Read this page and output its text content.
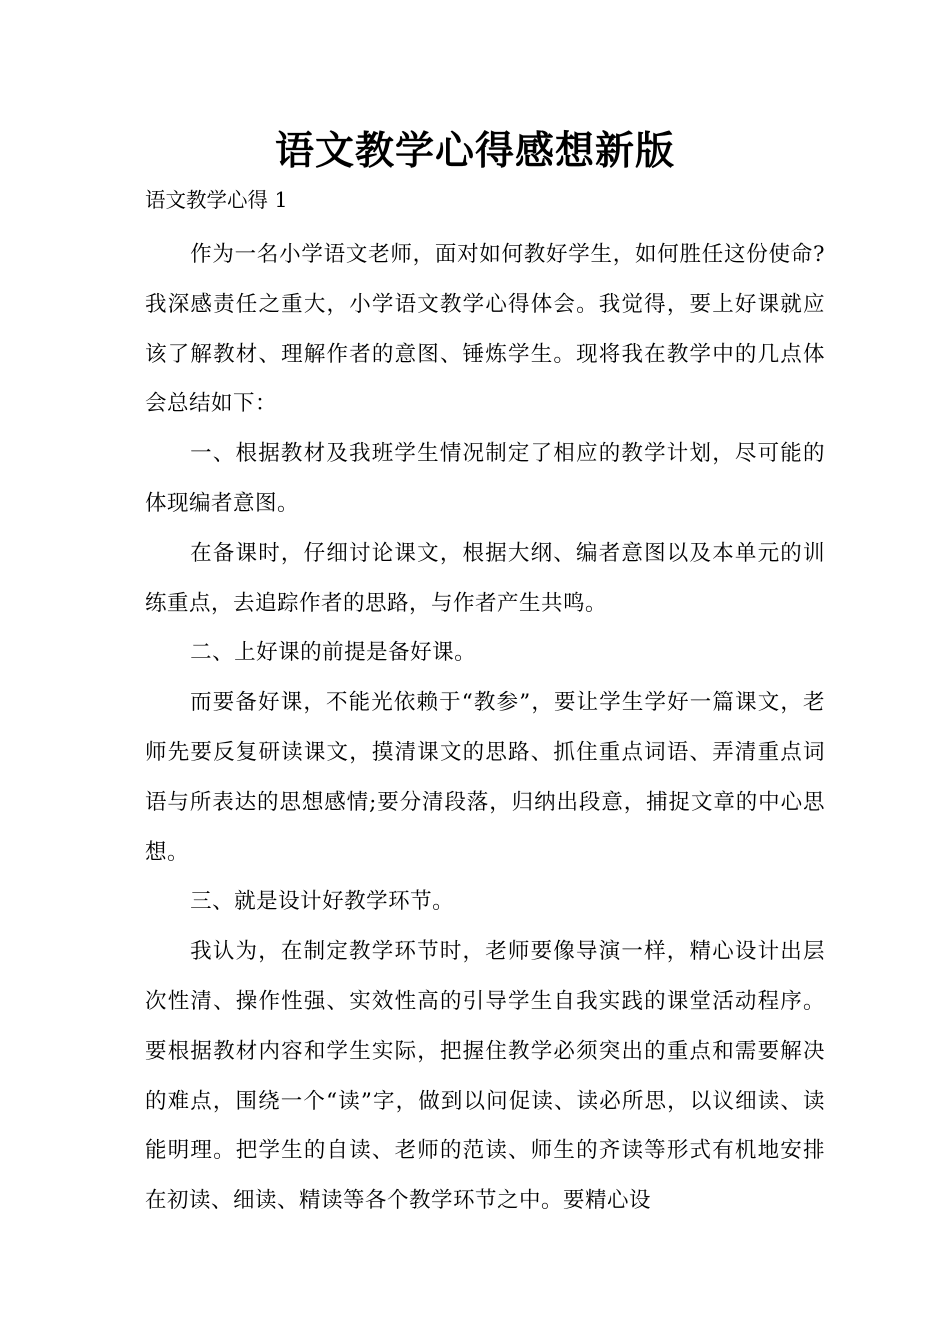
语文教学心得感想新版
语文教学心得 1

作为一名小学语文老师，面对如何教好学生，如何胜任这份使命?我深感责任之重大，小学语文教学心得体会。我觉得，要上好课就应该了解教材、理解作者的意图、锤炼学生。现将我在教学中的几点体会总结如下：

一、根据教材及我班学生情况制定了相应的教学计划，尽可能的体现编者意图。

在备课时，仔细讨论课文，根据大纲、编者意图以及本单元的训练重点，去追踪作者的思路，与作者产生共鸣。

二、上好课的前提是备好课。

而要备好课，不能光依赖于“教参”，要让学生学好一篇课文，老师先要反复研读课文，摸清课文的思路、抓住重点词语、弄清重点词语与所表达的思想感情;要分清段落，归纳出段意，捕捉文章的中心思想。

三、就是设计好教学环节。

我认为，在制定教学环节时，老师要像导演一样，精心设计出层次性清、操作性强、实效性高的引导学生自我实践的课堂活动程序。要根据教材内容和学生实际，把握住教学必须突出的重点和需要解决的难点，围绕一个“读”字，做到以问促读、读必所思，以议细读、读能明理。把学生的自读、老师的范读、师生的齐读等形式有机地安排在初读、细读、精读等各个教学环节之中。要精心设
